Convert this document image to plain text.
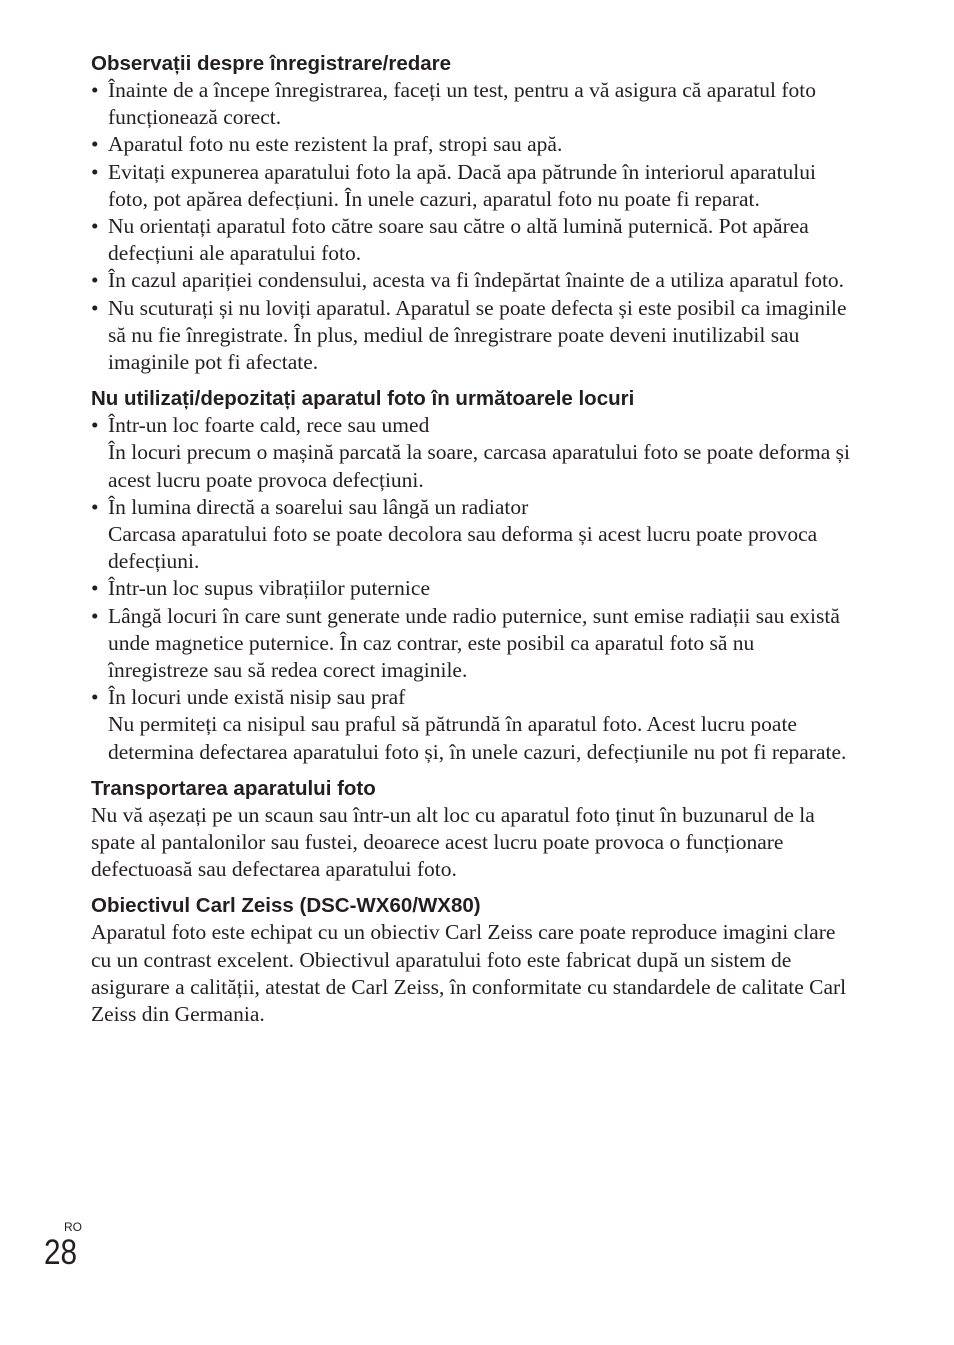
Observații despre înregistrare/redare
• Înainte de a începe înregistrarea, faceți un test, pentru a vă asigura că aparatul foto funcționează corect.
• Aparatul foto nu este rezistent la praf, stropi sau apă.
• Evitați expunerea aparatului foto la apă. Dacă apa pătrunde în interiorul aparatului foto, pot apărea defecțiuni. În unele cazuri, aparatul foto nu poate fi reparat.
• Nu orientați aparatul foto către soare sau către o altă lumină puternică. Pot apărea defecțiuni ale aparatului foto.
• În cazul apariției condensului, acesta va fi îndepărtat înainte de a utiliza aparatul foto.
• Nu scuturați și nu loviți aparatul. Aparatul se poate defecta și este posibil ca imaginile să nu fie înregistrate. În plus, mediul de înregistrare poate deveni inutilizabil sau imaginile pot fi afectate.
Nu utilizați/depozitați aparatul foto în următoarele locuri
• Într-un loc foarte cald, rece sau umed
În locuri precum o mașină parcată la soare, carcasa aparatului foto se poate deforma și acest lucru poate provoca defecțiuni.
• În lumina directă a soarelui sau lângă un radiator
Carcasa aparatului foto se poate decolora sau deforma și acest lucru poate provoca defecțiuni.
• Într-un loc supus vibrațiilor puternice
• Lângă locuri în care sunt generate unde radio puternice, sunt emise radiații sau există unde magnetice puternice. În caz contrar, este posibil ca aparatul foto să nu înregistreze sau să redea corect imaginile.
• În locuri unde există nisip sau praf
Nu permiteți ca nisipul sau praful să pătrundă în aparatul foto. Acest lucru poate determina defectarea aparatului foto și, în unele cazuri, defecțiunile nu pot fi reparate.
Transportarea aparatului foto

Nu vă așezați pe un scaun sau într-un alt loc cu aparatul foto ținut în buzunarul de la spate al pantalonilor sau fustei, deoarece acest lucru poate provoca o funcționare defectuoasă sau defectarea aparatului foto.

Obiectivul Carl Zeiss (DSC-WX60/WX80)

Aparatul foto este echipat cu un obiectiv Carl Zeiss care poate reproduce imagini clare cu un contrast excelent. Obiectivul aparatului foto este fabricat după un sistem de asigurare a calității, atestat de Carl Zeiss, în conformitate cu standardele de calitate Carl Zeiss din Germania.

RO
28
